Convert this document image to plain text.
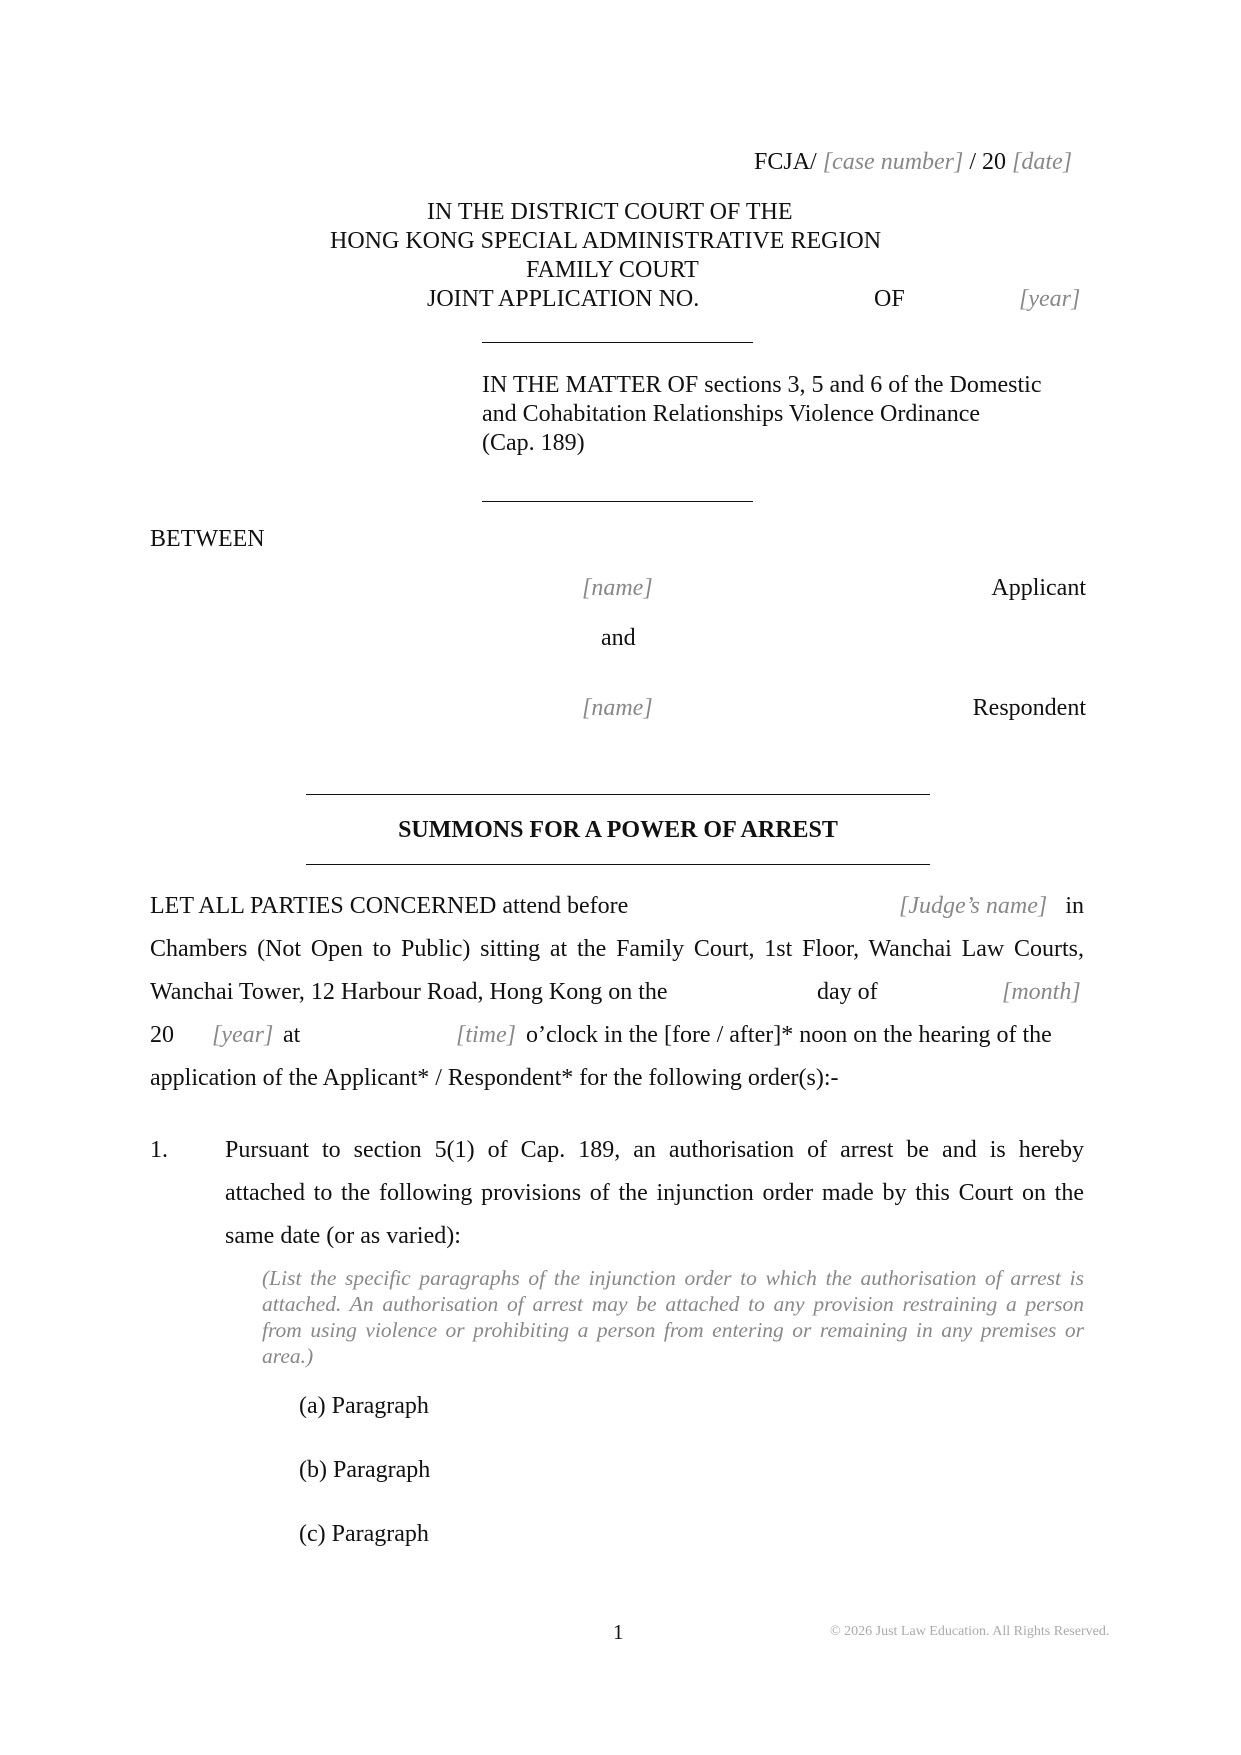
FCJA/ [case number] / 20 [date]
IN THE DISTRICT COURT OF THE
HONG KONG SPECIAL ADMINISTRATIVE REGION
FAMILY COURT
JOINT APPLICATION NO.	OF	[year]
IN THE MATTER OF sections 3, 5 and 6 of the Domestic
and Cohabitation Relationships Violence Ordinance
(Cap. 189)
BETWEEN
[name]	Applicant
and
[name]	Respondent
SUMMONS FOR A POWER OF ARREST
LET ALL PARTIES CONCERNED attend before	[Judge’s name] in
Chambers (Not Open to Public) sitting at the Family Court, 1st Floor, Wanchai Law Courts,
Wanchai Tower, 12 Harbour Road, Hong Kong on the	day of	[month]
20 [year] at	[time] o’clock in the [fore / after]* noon on the hearing of the
application of the Applicant* / Respondent* for the following order(s):-
1. Pursuant to section 5(1) of Cap. 189, an authorisation of arrest be and is hereby
attached to the following provisions of the injunction order made by this Court on the
same date (or as varied):
(List the specific paragraphs of the injunction order to which the authorisation of arrest is
attached. An authorisation of arrest may be attached to any provision restraining a person
from using violence or prohibiting a person from entering or remaining in any premises or
area.)
(a) Paragraph
(b) Paragraph
(c) Paragraph
1	© 2026 Just Law Education. All Rights Reserved.
